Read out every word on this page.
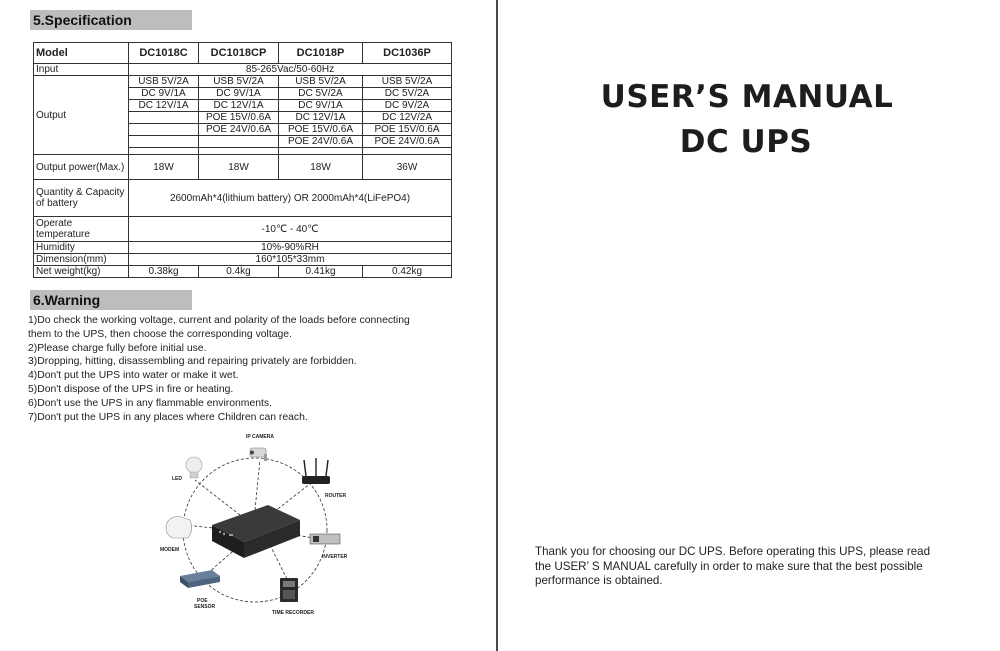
5.Specification
Model	DC1018C	DC1018CP	DC1018P	DC1036P
Input	85-265Vac/50-60Hz			
Output	USB 5V/2A	USB 5V/2A	USB 5V/2A	USB 5V/2A
	DC 9V/1A	DC 9V/1A	DC 5V/2A	DC 5V/2A
	DC 12V/1A	DC 12V/1A	DC 9V/1A	DC 9V/2A
		POE 15V/0.6A	DC 12V/1A	DC 12V/2A
		POE 24V/0.6A	POE 15V/0.6A	POE 15V/0.6A
			POE 24V/0.6A	POE 24V/0.6A

Output power(Max.)	18W	18W	18W	36W
Quantity & Capacity of battery	2600mAh*4(lithium battery) OR 2000mAh*4(LiFePO4)			
Operate temperature	-10℃ - 40℃			
Humidity	10%-90%RH			
Dimension(mm)	160*105*33mm			
Net weight(kg)	0.38kg	0.4kg	0.41kg	0.42kg
6.Warning
1)Do check the working voltage, current and polarity of the loads before connecting
them to the UPS, then choose the corresponding voltage.
2)Please charge fully before initial use.
3)Dropping, hitting, disassembling and repairing privately are forbidden.
4)Don't put the UPS into water or make it wet.
5)Don't dispose of the UPS in fire or heating.
6)Don't use the UPS in any flammable environments.
7)Don't put the UPS in any places where Children can reach.
IP CAMERA
LED
ROUTER
MODEM
INVERTER
POE
SENSOR
TIME RECORDER
USER’S MANUAL
DC UPS
Thank you for choosing our DC UPS. Before operating this UPS, please read
the USER’ S MANUAL carefully in order to make sure that the best possible
performance is obtained.
